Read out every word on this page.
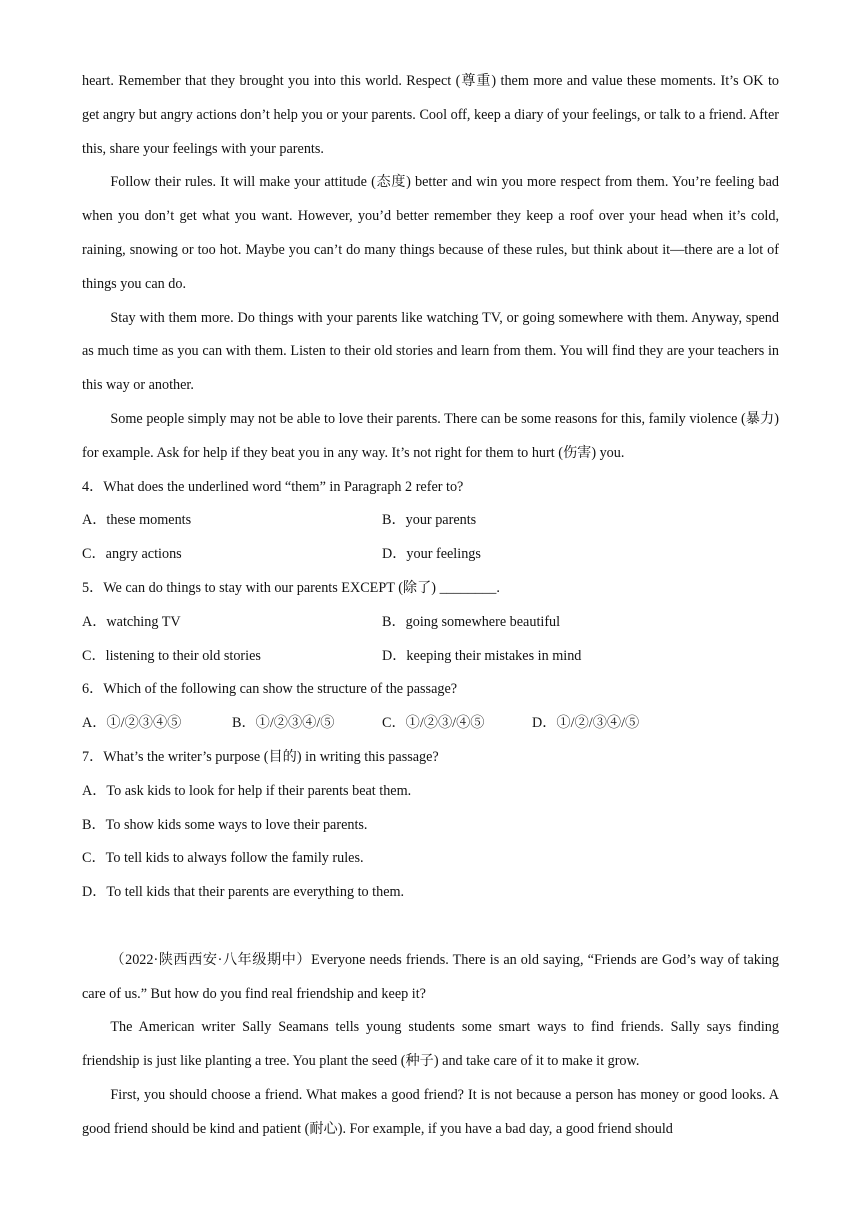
heart. Remember that they brought you into this world. Respect (尊重) them more and value these moments. It’s OK to get angry but angry actions don’t help you or your parents. Cool off, keep a diary of your feelings, or talk to a friend. After this, share your feelings with your parents.

Follow their rules. It will make your attitude (态度) better and win you more respect from them. You’re feeling bad when you don’t get what you want. However, you’d better remember they keep a roof over your head when it’s cold, raining, snowing or too hot. Maybe you can’t do many things because of these rules, but think about it—there are a lot of things you can do.

Stay with them more. Do things with your parents like watching TV, or going somewhere with them. Anyway, spend as much time as you can with them. Listen to their old stories and learn from them. You will find they are your teachers in this way or another.

Some people simply may not be able to love their parents. There can be some reasons for this, family violence (暴力) for example. Ask for help if they beat you in any way. It’s not right for them to hurt (伤害) you.

4．What does the underlined word “them” in Paragraph 2 refer to?

A．these moments	B．your parents
C．angry actions	D．your feelings

5．We can do things to stay with our parents EXCEPT (除了) ________.

A．watching TV	B．going somewhere beautiful
C．listening to their old stories	D．keeping their mistakes in mind

6．Which of the following can show the structure of the passage?

A．①/②③④⑤	B．①/②③④/⑤	C．①/②③/④⑤	D．①/②/③④/⑤

7．What’s the writer’s purpose (目的) in writing this passage?

A．To ask kids to look for help if their parents beat them.

B．To show kids some ways to love their parents.

C．To tell kids to always follow the family rules.

D．To tell kids that their parents are everything to them.

（2022·陕西西安·八年级期中）Everyone needs friends. There is an old saying, “Friends are God’s way of taking care of us.” But how do you find real friendship and keep it?

The American writer Sally Seamans tells young students some smart ways to find friends. Sally says finding friendship is just like planting a tree. You plant the seed (种子) and take care of it to make it grow.

First, you should choose a friend. What makes a good friend? It is not because a person has money or good looks. A good friend should be kind and patient (耐心). For example, if you have a bad day, a good friend should
